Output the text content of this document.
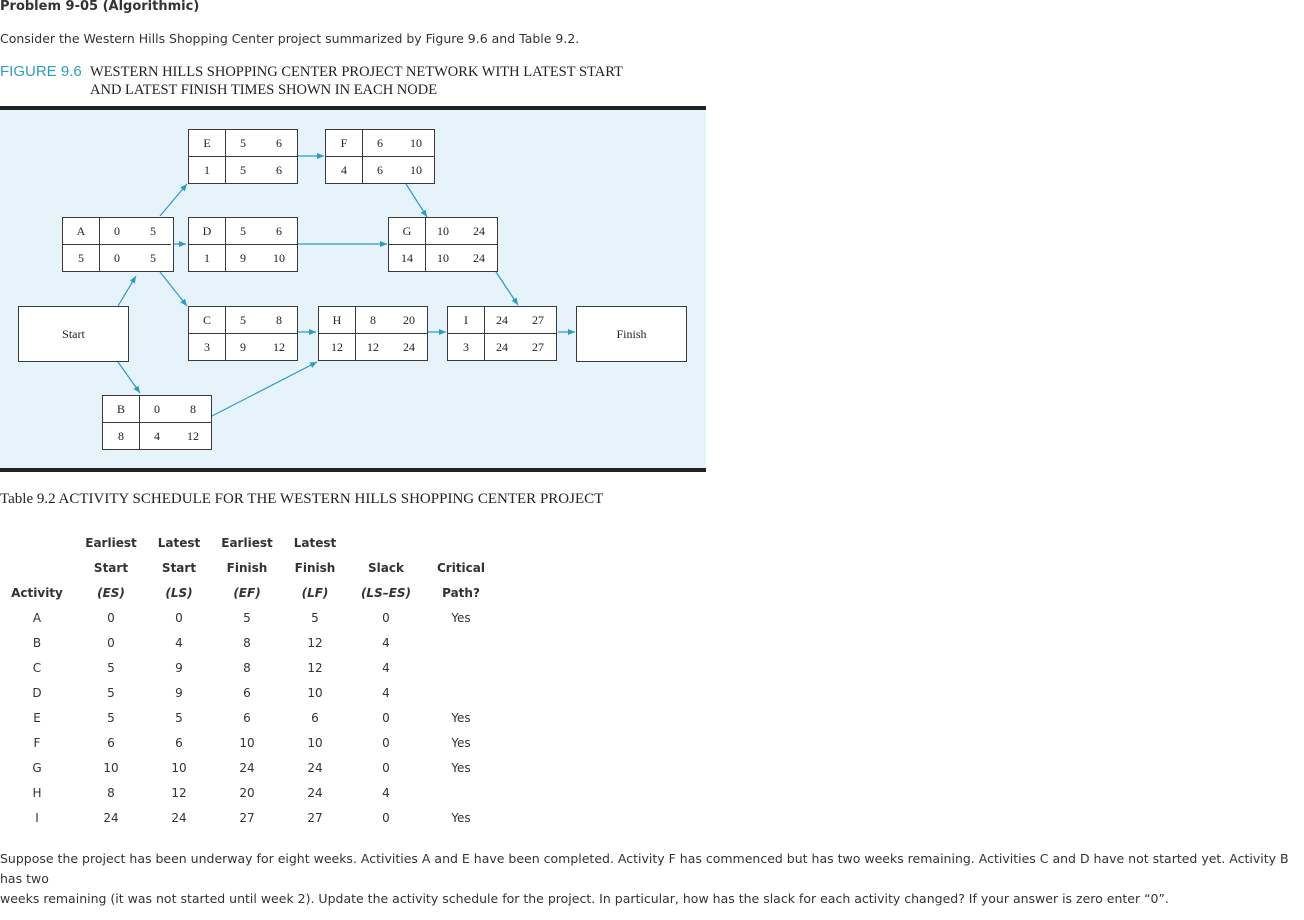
Problem 9-05 (Algorithmic)
Consider the Western Hills Shopping Center project summarized by Figure 9.6 and Table 9.2.
FIGURE 9.6 WESTERN HILLS SHOPPING CENTER PROJECT NETWORK WITH LATEST START
AND LATEST FINISH TIMES SHOWN IN EACH NODE
Start	Finish
E	5	6
1	5	6
F	6	10
4	6	10
A	0	5
5	0	5
D	5	6
1	9	10
G	10	24
14	10	24
C	5	8
3	9	12
H	8	20
12	12	24
I	24	27
3	24	27
B	0	8
8	4	12
Table 9.2 ACTIVITY SCHEDULE FOR THE WESTERN HILLS SHOPPING CENTER PROJECT
	Earliest	Latest	Earliest	Latest		
	Start	Start	Finish	Finish	Slack	Critical
Activity	(ES)	(LS)	(EF)	(LF)	(LS–ES)	Path?
A	0	0	5	5	0	Yes
B	0	4	8	12	4	
C	5	9	8	12	4	
D	5	9	6	10	4	
E	5	5	6	6	0	Yes
F	6	6	10	10	0	Yes
G	10	10	24	24	0	Yes
H	8	12	20	24	4	
I	24	24	27	27	0	Yes
Suppose the project has been underway for eight weeks. Activities A and E have been completed. Activity F has commenced but has two weeks remaining. Activities C and D have not started yet. Activity B has two
weeks remaining (it was not started until week 2). Update the activity schedule for the project. In particular, how has the slack for each activity changed? If your answer is zero enter “0”.
